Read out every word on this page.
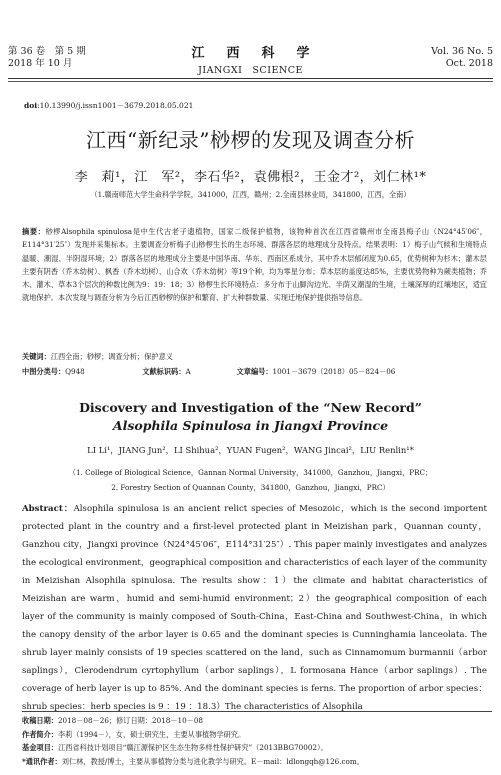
第 36 卷　第 5 期
2018 年 10 月
江西科学
JIANGXI　SCIENCE
Vol. 36 No. 5
Oct. 2018
doi:10.13990/j.issn1001－3679.2018.05.021
江西“新纪录”桫椤的发现及调查分析
李　莉¹，江　军²，李石华²，袁佛根²，王金才²，刘仁林¹*
（1.赣南师范大学生命科学学院，341000，江西，赣州；2.全南县林业局，341800，江西，全南）
摘要：桫椤Alsophila spinulosa是中生代古老子遗植物，国家二级保护植物，该物种首次在江西省赣州市全南县梅子山（N24°45′06″，E114°31′25″）发现并采集标本。主要调查分析梅子山桫椤生长的生态环境、群落各层的地理成分及特点。结果表明：1）梅子山气候和生境特点温暖、潮湿、半阴湿环境；2）群落各层的地理成分主要是中国华南、华东、西南区系成分，其中乔木层郁闭度为0.65，优势树种为杉木；灌木层主要有阴香（乔木幼树）、枫香（乔木幼树）、山合欢（乔木幼树）等19个种，均为零星分布；草本层的盖度达85%，主要优势物种为蕨类植物；乔木、灌木、草本3个层次的种数比例为9：19：18；3）桫椤生长环境特点：多分布于山脚沟边光、半荫又潮湿的生境，土壤深厚的红壤地区，适宜就地保护。本次发现与调查分析为今后江西桫椤的保护和繁育、扩大种群数量、实现迁地保护提供指导信息。
关键词：江西全南；桫椤；调查分析；保护意义
中图分类号：Q948	文献标识码：A	文章编号：1001－3679（2018）05－824－06
Discovery and Investigation of the “New Record”
Alsophila Spinulosa in Jiangxi Province
LI Li¹，JIANG Jun²，LI Shihua²，YUAN Fugen²，WANG Jincai²，LIU Renlin¹*
（1. College of Biological Science，Gannan Normal University，341000，Ganzhou，Jiangxi，PRC；
2. Forestry Section of Quannan County，341800，Ganzhou，Jiangxi，PRC）
Abstract：Alsophila spinulosa is an ancient relict species of Mesozoic，which is the second importent protected plant in the country and a first-level protected plant in Meizishan park，Quannan county，Ganzhou city，Jiangxi province（N24°45′06″，E114°31′25″）. This paper mainly investigates and analyzes the ecological environment，geographical composition and characteristics of each layer of the community in Meizishan Alsophila spinulosa. The results show：1）the climate and habitat characteristics of Meizishan are warm，humid and semi-humid environment；2）the geographical composition of each layer of the community is mainly composed of South-China，East-China and Southwest-China，in which the canopy density of the arbor layer is 0.65 and the dominant species is Cunninghamia lanceolata. The shrub layer mainly consists of 19 species scattered on the land，such as Cinnamomum burmannii（arbor saplings），Clerodendrum cyrtophyllum（arbor saplings），L formosana Hance（arbor saplings）. The coverage of herb layer is up to 85%. And the dominant species is ferns. The proportion of arbor species：shrub species：herb species is 9 ：19 ：18.3）The characteristics of Alsophila
收稿日期：2018－08－26；修订日期：2018－10－08
作者简介：李莉（1994－），女，硕士研究生，主要从事植物学研究。
基金项目：江西省科技计划项目“赣江源保护区生态生物多样性保护研究”（2013BBG70002）。
*通讯作者：刘仁林，教授/博士，主要从事植物分类与进化教学与研究。E－mail：ldlongqh@126.com。
